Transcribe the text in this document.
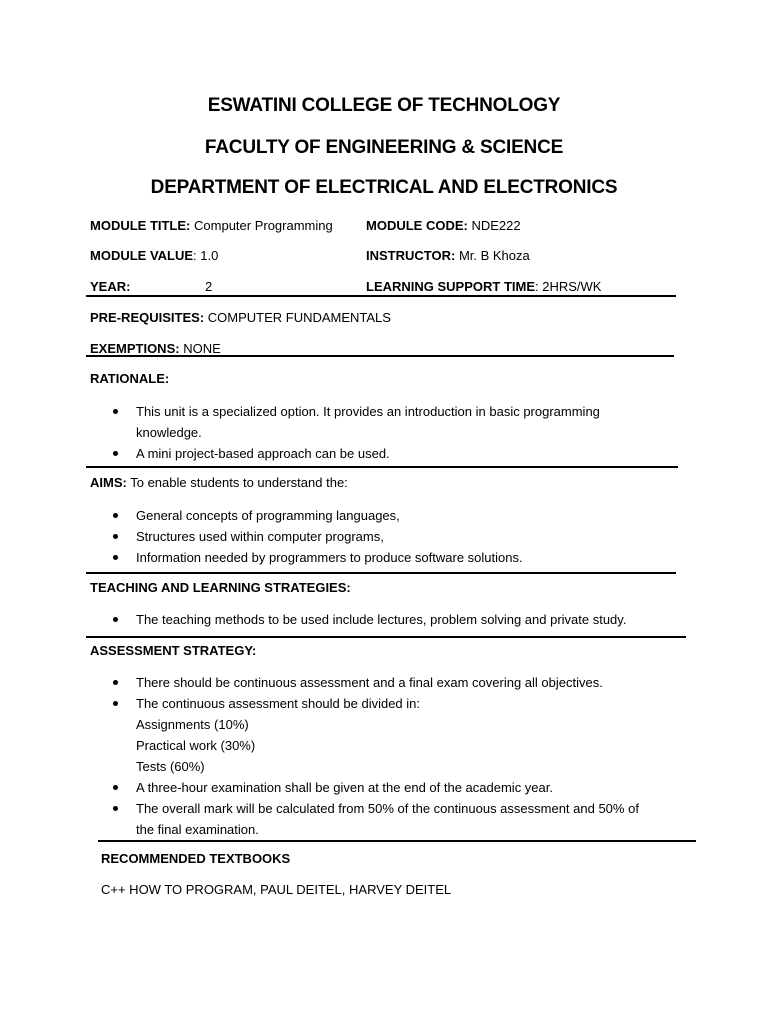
ESWATINI COLLEGE OF TECHNOLOGY
FACULTY OF ENGINEERING & SCIENCE
DEPARTMENT OF ELECTRICAL AND ELECTRONICS
MODULE TITLE: Computer Programming	MODULE CODE: NDE222
MODULE VALUE: 1.0	INSTRUCTOR: Mr. B Khoza
YEAR:	2	LEARNING SUPPORT TIME: 2HRS/WK
PRE-REQUISITES: COMPUTER FUNDAMENTALS
EXEMPTIONS: NONE
RATIONALE:
This unit is a specialized option. It provides an introduction in basic programming
knowledge.
A mini project-based approach can be used.
AIMS: To enable students to understand the:
General concepts of programming languages,
Structures used within computer programs,
Information needed by programmers to produce software solutions.
TEACHING AND LEARNING STRATEGIES:
The teaching methods to be used include lectures, problem solving and private study.
ASSESSMENT STRATEGY:
There should be continuous assessment and a final exam covering all objectives.
The continuous assessment should be divided in:
Assignments (10%)
Practical work (30%)
Tests (60%)
A three-hour examination shall be given at the end of the academic year.
The overall mark will be calculated from 50% of the continuous assessment and 50% of
the final examination.
RECOMMENDED TEXTBOOKS
C++ HOW TO PROGRAM, PAUL DEITEL, HARVEY DEITEL
